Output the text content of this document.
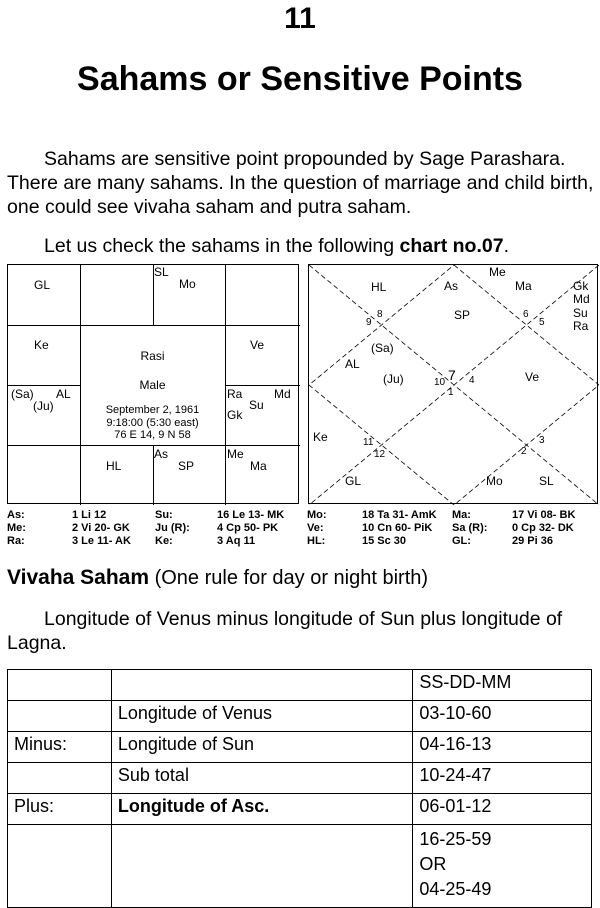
11
Sahams or Sensitive Points

Sahams are sensitive point propounded by Sage Parashara. There are many sahams. In the question of marriage and child birth, one could see vivaha saham and putra saham.

Let us check the sahams in the following chart no.07.
GL
SL
Mo
Ke	Ve
(Sa) AL
(Ju)
Ra	Md
Su
Gk
HL
As
SP
Me
Ma
Rasi
Male
September 2, 1961
9:18:00 (5:30 east)
76 E 14, 9 N 58
HL	As
Me
Ma	Gk
Md
Su
Ra
SP
(Sa)
AL
(Ju)	Ve
Ke
GL	Mo	SL
1
2
3
4
5
6
7
8
9
10
11
12
As:	1 Li 12	Su:	16 Le 13- MK Mo:	18 Ta 31- AmK Ma:	17 Vi 08- BK
Me:	2 Vi 20- GK Ju (R): 4 Cp 50- PK	Ve:	10 Cn 60- PiK Sa (R): 0 Cp 32- DK
Ra:	3 Le 11- AK Ke:	3 Aq 11	HL:	15 Sc 30	GL:	29 Pi 36
Vivaha Saham (One rule for day or night birth)

Longitude of Venus minus longitude of Sun plus longitude of Lagna.

		SS-DD-MM
	Longitude of Venus	03-10-60
Minus:	Longitude of Sun	04-16-13
	Sub total	10-24-47
Plus:	Longitude of Asc.	06-01-12

		16-25-59
OR
04-25-49
